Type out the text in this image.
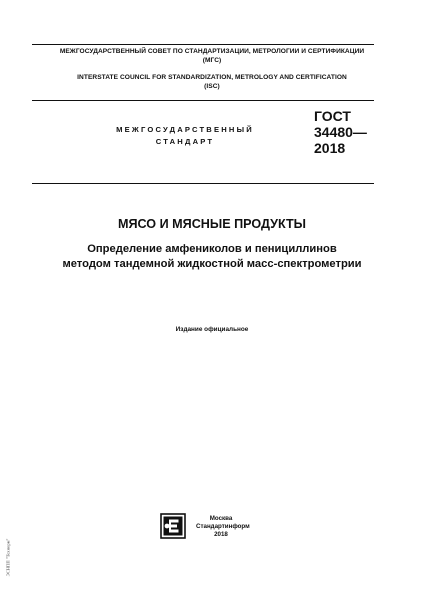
МЕЖГОСУДАРСТВЕННЫЙ СОВЕТ ПО СТАНДАРТИЗАЦИИ, МЕТРОЛОГИИ И СЕРТИФИКАЦИИ
(МГС)
INTERSTATE COUNCIL FOR STANDARDIZATION, METROLOGY AND CERTIFICATION
(ISC)
МЕЖГОСУДАРСТВЕННЫЙ
СТАНДАРТ
ГОСТ
34480—
2018
МЯСО И МЯСНЫЕ ПРОДУКТЫ
Определение амфениколов и пенициллинов
методом тандемной жидкостной масс-спектрометрии
Издание официальное
Москва
Стандартинформ
2018
ЭСНПП "Технорм"
